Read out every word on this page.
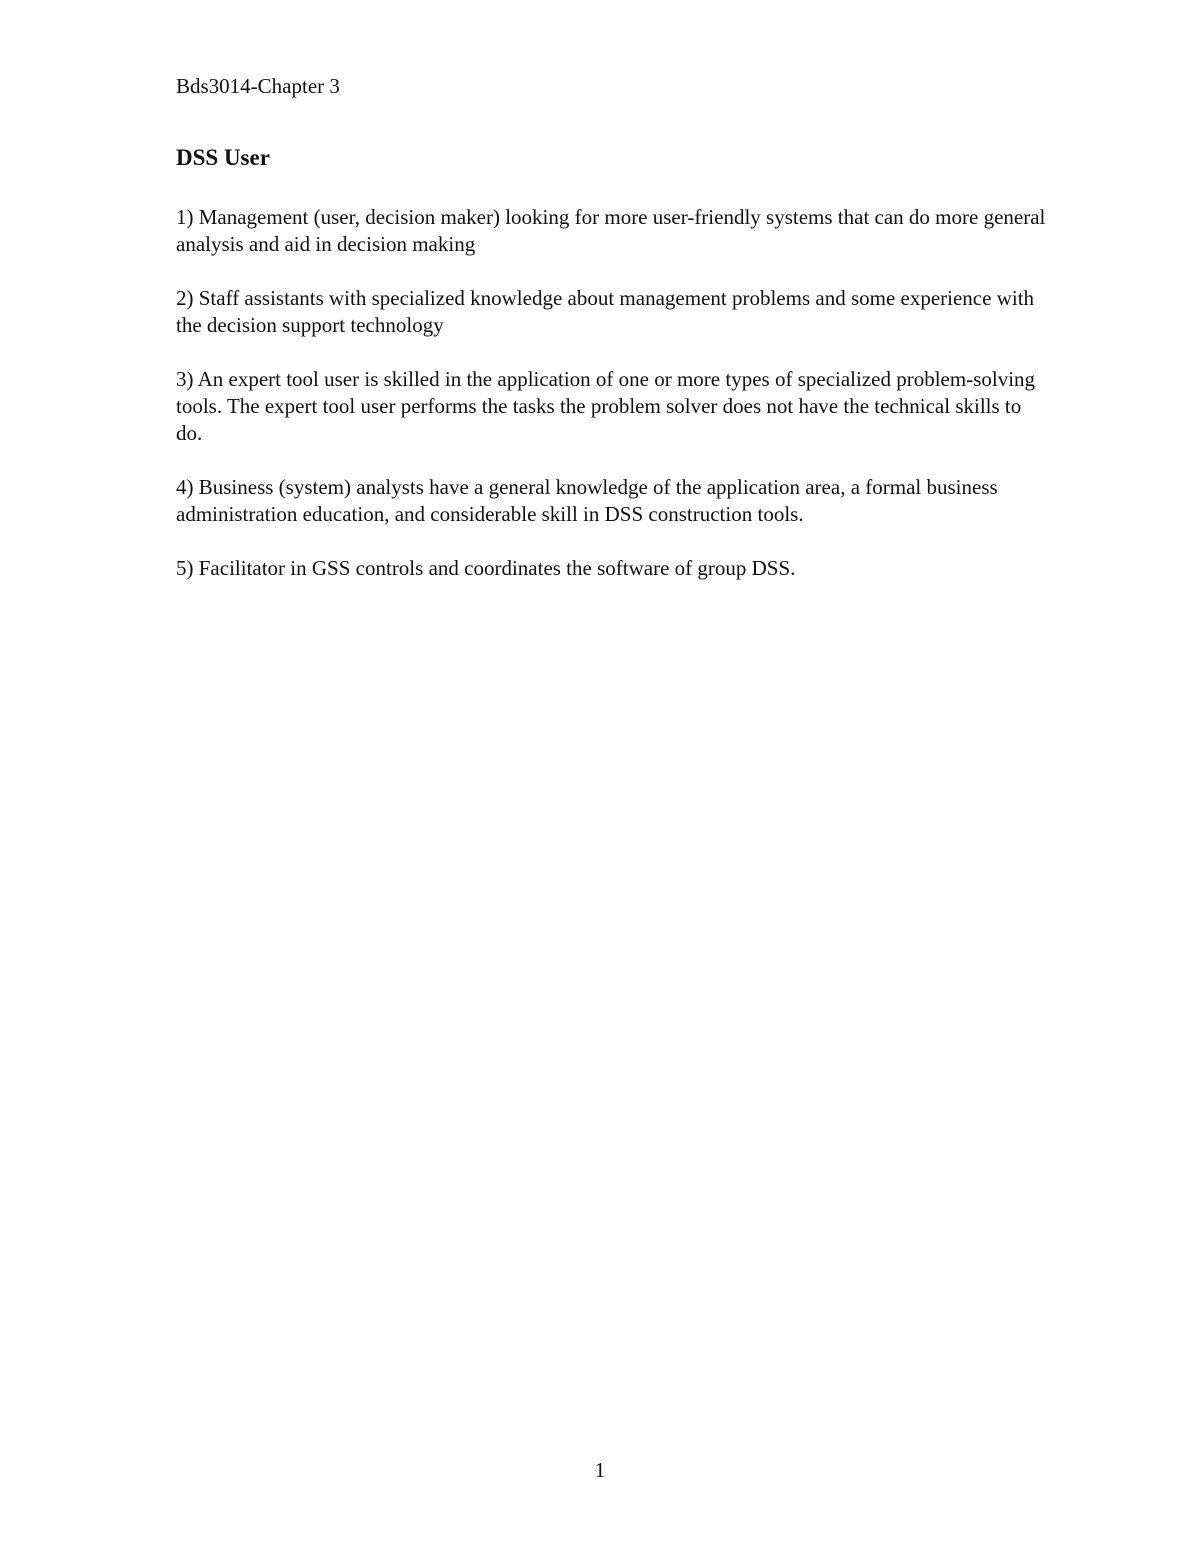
Bds3014-Chapter 3
DSS User

1) Management (user, decision maker) looking for more user-friendly systems that can do more general analysis and aid in decision making

2) Staff assistants with specialized knowledge about management problems and some experience with the decision support technology

3) An expert tool user is skilled in the application of one or more types of specialized problem-solving tools. The expert tool user performs the tasks the problem solver does not have the technical skills to do.

4) Business (system) analysts have a general knowledge of the application area, a formal business administration education, and considerable skill in DSS construction tools.

5) Facilitator in GSS controls and coordinates the software of group DSS.

1
